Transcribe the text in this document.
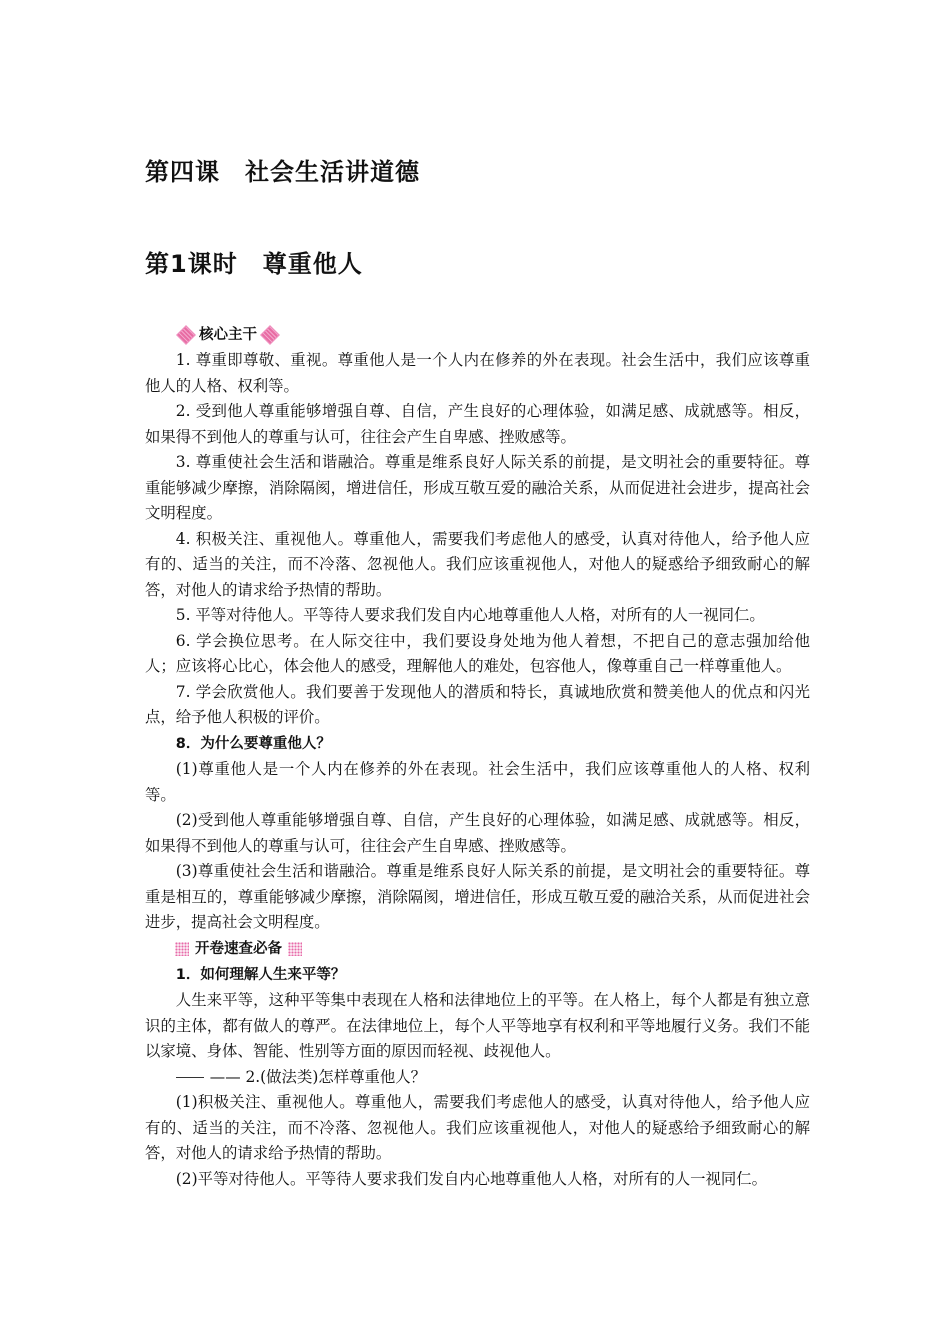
第四课　社会生活讲道德
第1课时　尊重他人
核心主干

1. 尊重即尊敬、重视。尊重他人是一个人内在修养的外在表现。社会生活中，我们应该尊重他人的人格、权利等。

2. 受到他人尊重能够增强自尊、自信，产生良好的心理体验，如满足感、成就感等。相反，如果得不到他人的尊重与认可，往往会产生自卑感、挫败感等。

3. 尊重使社会生活和谐融洽。尊重是维系良好人际关系的前提，是文明社会的重要特征。尊重能够减少摩擦，消除隔阂，增进信任，形成互敬互爱的融洽关系，从而促进社会进步，提高社会文明程度。

4. 积极关注、重视他人。尊重他人，需要我们考虑他人的感受，认真对待他人，给予他人应有的、适当的关注，而不冷落、忽视他人。我们应该重视他人，对他人的疑惑给予细致耐心的解答，对他人的请求给予热情的帮助。

5. 平等对待他人。平等待人要求我们发自内心地尊重他人人格，对所有的人一视同仁。

6. 学会换位思考。在人际交往中，我们要设身处地为他人着想，不把自己的意志强加给他人；应该将心比心，体会他人的感受，理解他人的难处，包容他人，像尊重自己一样尊重他人。

7. 学会欣赏他人。我们要善于发现他人的潜质和特长，真诚地欣赏和赞美他人的优点和闪光点，给予他人积极的评价。

8．为什么要尊重他人？

(1)尊重他人是一个人内在修养的外在表现。社会生活中，我们应该尊重他人的人格、权利等。

(2)受到他人尊重能够增强自尊、自信，产生良好的心理体验，如满足感、成就感等。相反，如果得不到他人的尊重与认可，往往会产生自卑感、挫败感等。

(3)尊重使社会生活和谐融洽。尊重是维系良好人际关系的前提，是文明社会的重要特征。尊重是相互的，尊重能够减少摩擦，消除隔阂，增进信任，形成互敬互爱的融洽关系，从而促进社会进步，提高社会文明程度。

开卷速查必备

1．如何理解人生来平等？

人生来平等，这种平等集中表现在人格和法律地位上的平等。在人格上，每个人都是有独立意识的主体，都有做人的尊严。在法律地位上，每个人平等地享有权利和平等地履行义务。我们不能以家境、身体、智能、性别等方面的原因而轻视、歧视他人。

—— 2.(做法类)怎样尊重他人？

(1)积极关注、重视他人。尊重他人，需要我们考虑他人的感受，认真对待他人，给予他人应有的、适当的关注，而不冷落、忽视他人。我们应该重视他人，对他人的疑惑给予细致耐心的解答，对他人的请求给予热情的帮助。

(2)平等对待他人。平等待人要求我们发自内心地尊重他人人格，对所有的人一视同仁。
